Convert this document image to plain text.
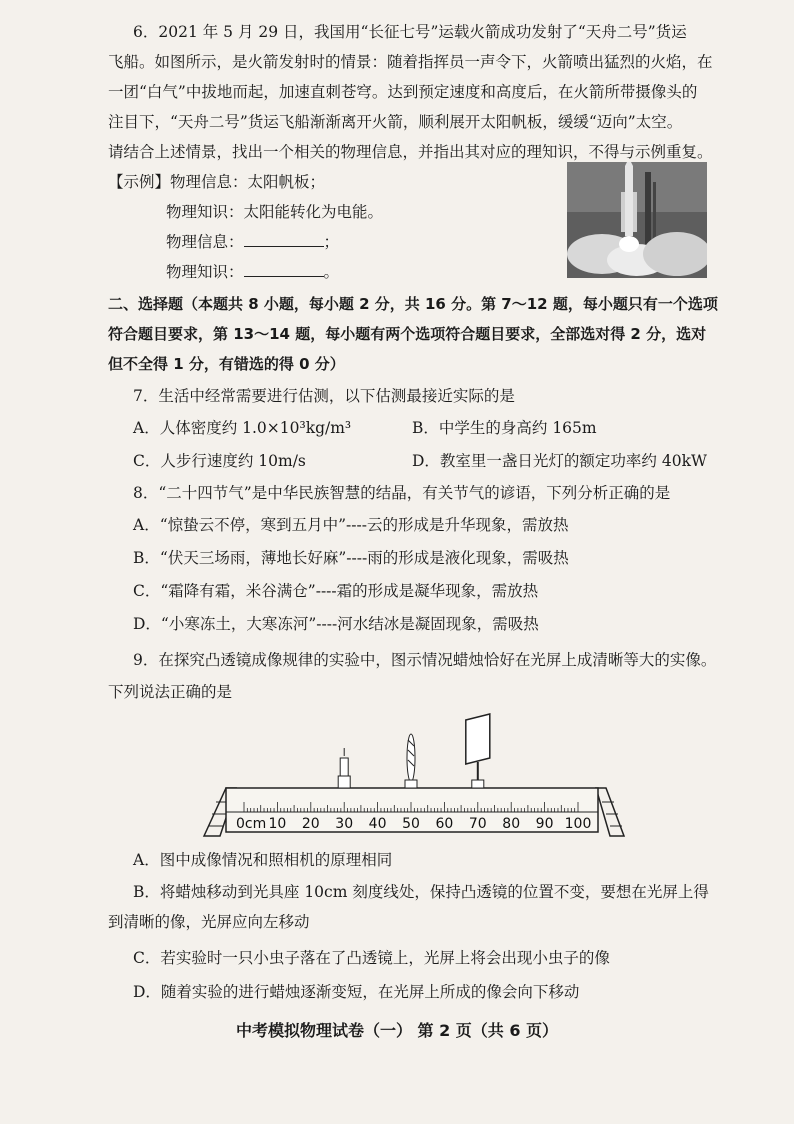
6．2021 年 5 月 29 日，我国用“长征七号”运载火箭成功发射了“天舟二号”货运
飞船。如图所示，是火箭发射时的情景：随着指挥员一声令下，火箭喷出猛烈的火焰，在
一团“白气”中拔地而起，加速直刺苍穹。达到预定速度和高度后，在火箭所带摄像头的
注目下，“天舟二号”货运飞船渐渐离开火箭，顺利展开太阳帆板，缓缓“迈向”太空。
请结合上述情景，找出一个相关的物理信息，并指出其对应的理知识，不得与示例重复。
【示例】物理信息：太阳帆板；
物理知识：太阳能转化为电能。
物理信息：	；
物理知识：	。
二、选择题（本题共 8 小题，每小题 2 分，共 16 分。第 7～12 题，每小题只有一个选项
符合题目要求，第 13～14 题，每小题有两个选项符合题目要求，全部选对得 2 分，选对
但不全得 1 分，有错选的得 0 分）
7．生活中经常需要进行估测，以下估测最接近实际的是
A．人体密度约 1.0×10³kg/m³	B．中学生的身高约 165m
C．人步行速度约 10m/s	D．教室里一盏日光灯的额定功率约 40kW
8．“二十四节气”是中华民族智慧的结晶，有关节气的谚语，下列分析正确的是
A．“惊蛰云不停，寒到五月中”----云的形成是升华现象，需放热
B．“伏天三场雨，薄地长好麻”----雨的形成是液化现象，需吸热
C．“霜降有霜，米谷满仓”----霜的形成是凝华现象，需放热
D．“小寒冻土，大寒冻河”----河水结冰是凝固现象，需吸热
9．在探究凸透镜成像规律的实验中，图示情况蜡烛恰好在光屏上成清晰等大的实像。
下列说法正确的是
0cm 10 20 30 40 50 60 70 80 90 100
A．图中成像情况和照相机的原理相同
B．将蜡烛移动到光具座 10cm 刻度线处，保持凸透镜的位置不变，要想在光屏上得
到清晰的像，光屏应向左移动
C．若实验时一只小虫子落在了凸透镜上，光屏上将会出现小虫子的像
D．随着实验的进行蜡烛逐渐变短，在光屏上所成的像会向下移动
中考模拟物理试卷（一） 第 2 页（共 6 页）
